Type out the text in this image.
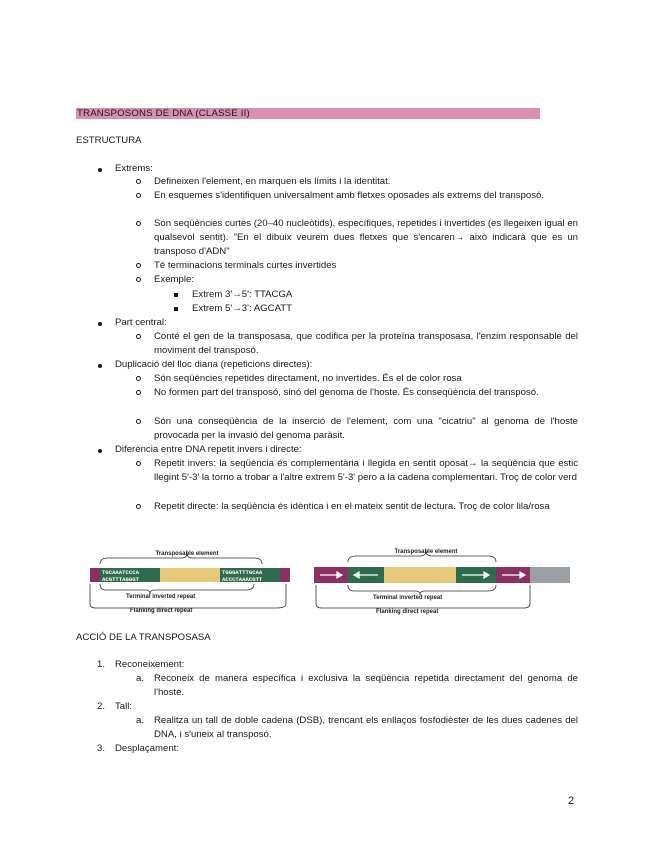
TRANSPOSONS DE DNA (CLASSE II)
ESTRUCTURA
Extrems:
Defineixen l'element, en marquen els límits i la identitat.
En esquemes s'identifiquen universalment amb fletxes oposades als extrems del transposó.
Són seqüències curtes (20–40 nucleòtids), específiques, repetides i invertides (es llegeixen igual en qualsevol sentit). "En el dibuix veurem dues fletxes que s'encaren→ això indicarà que es un transposo d'ADN"
Té terminacions terminals curtes invertides
Exemple:
Extrem 3'→5': TTACGA
Extrem 5'→3': AGCATT
Part central:
Conté el gen de la transposasa, que codifica per la proteïna transposasa, l'enzim responsable del moviment del transposó.
Duplicació del lloc diana (repeticions directes):
Són seqüències repetides directament, no invertides. És el de color rosa
No formen part del transposó, sinó del genoma de l'hoste. És conseqüència del transposó.
Són una conseqüència de la inserció de l'element, com una "cicatriu" al genoma de l'hoste provocada per la invasió del genoma paràsit.
Diferència entre DNA repetit invers i directe:
Repetit invers: la seqüència és complementària i llegida en sentit oposat→ la seqüència que estic llegint 5'-3' la torno a trobar a l'altre extrem 5'-3' pero a la cadena complementari. Troç de color verd
Repetit directe: la seqüència és idèntica i en el mateix sentit de lectura. Troç de color lila/rosa
Transposable element
TGCAAATCCCA
ACGTTTAGGGT
TGGGATTTGCAA
ACCCTAAACGTT
Terminal inverted repeat
Flanking direct repeat
Transposable element
Terminal inverted repeat
Flanking direct repeat
ACCIÓ DE LA TRANSPOSASA
1. Reconeixement:
a. Reconeix de manera específica i exclusiva la seqüència repetida directament del genoma de l'hoste.
2. Tall:
a. Realitza un tall de doble cadena (DSB), trencant els enllaços fosfodièster de les dues cadenes del DNA, i s'uneix al transposó.
3. Desplaçament:
2
